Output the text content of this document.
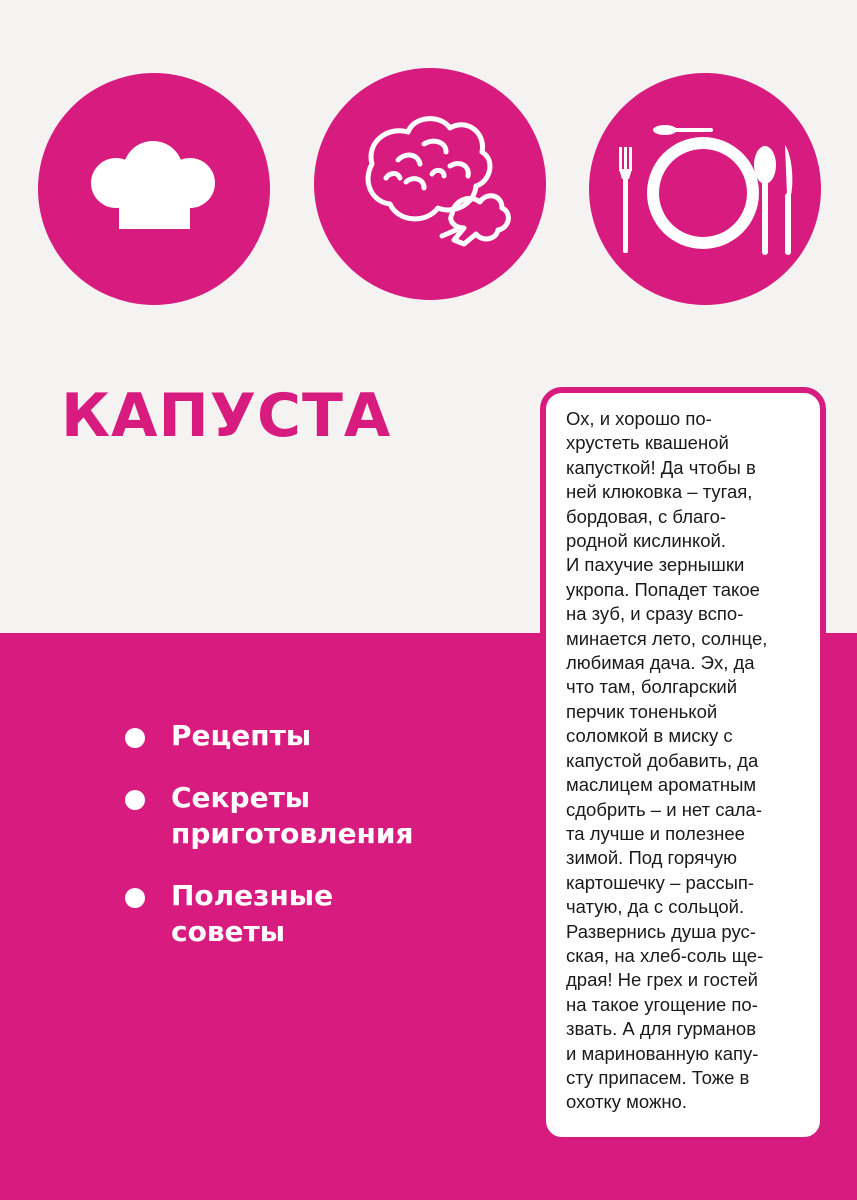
КАПУСТА
Рецепты
Секреты
приготовления
Полезные
советы

Ох, и хорошо по-
хрустеть квашеной
капусткой! Да чтобы в
ней клюковка – тугая,
бордовая, с благо-
родной кислинкой.
И пахучие зернышки
укропа. Попадет такое
на зуб, и сразу вспо-
минается лето, солнце,
любимая дача. Эх, да
что там, болгарский
перчик тоненькой
соломкой в миску с
капустой добавить, да
маслицем ароматным
сдобрить – и нет сала-
та лучше и полезнее
зимой. Под горячую
картошечку – рассып-
чатую, да с сольцой.
Развернись душа рус-
ская, на хлеб-соль ще-
драя! Не грех и гостей
на такое угощение по-
звать. А для гурманов
и маринованную капу-
сту припасем. Тоже в
охотку можно.
